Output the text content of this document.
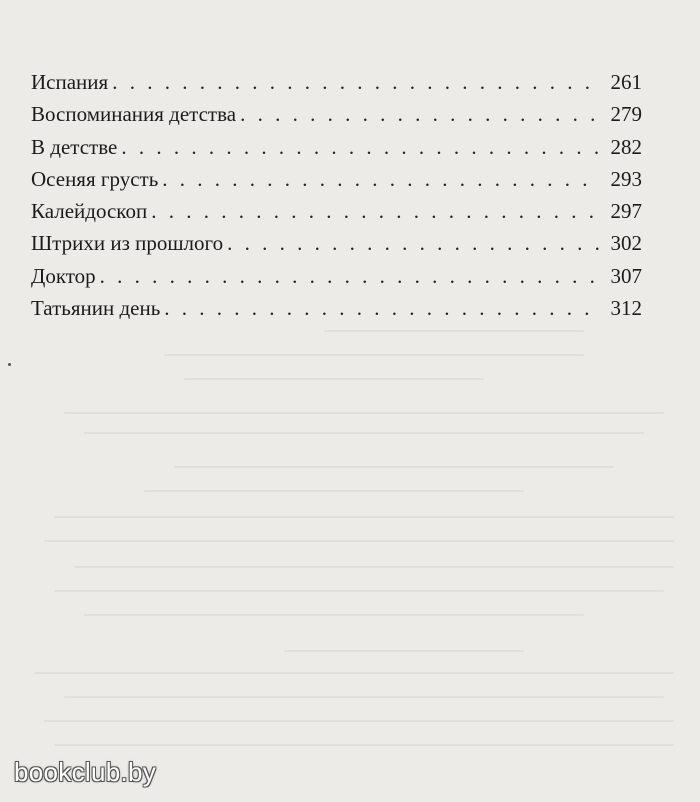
Испания . . .	261
Воспоминания детства . . .	279
В детстве . . .	282
Осеняя грусть . . .	293
Калейдоскоп . . .	297
Штрихи из прошлого . . .	302
Доктор . . .	307
Татьянин день . . .	312
bookclub.by
